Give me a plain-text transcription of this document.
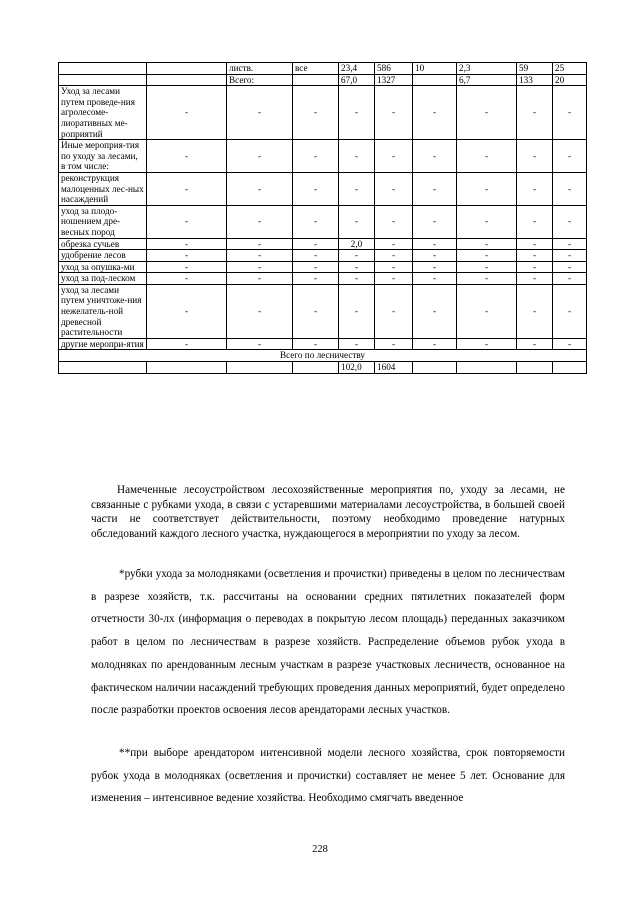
		листв.	все	23,4	586	10	2,3	59	25
		Всего:		67,0	1327		6,7	133	20
Уход за лесами путем проведе-ния агролесоме-лиоративных ме-роприятий	-	-	-	-	-	-	-	-	-
Иные мероприя-тия по уходу за лесами, в том числе:	-	-	-	-	-	-	-	-	-
реконструкция малоценных лес-ных насаждений	-	-	-	-	-	-	-	-	-
уход за плодо-ношением дре-весных пород	-	-	-	-	-	-	-	-	-
обрезка сучьев	-	-	-	2,0	-	-	-	-	-
удобрение лесов	-	-	-	-	-	-	-	-	-
уход за опушка-ми	-	-	-	-	-	-	-	-	-
уход за под-леском	-	-	-	-	-	-	-	-	-
уход за лесами путем уничтоже-ния нежелатель-ной древесной растительности	-	-	-	-	-	-	-	-	-
другие меропри-ятия	-	-	-	-	-	-	-	-	-
Всего по лесничеству									
				102,0	1604				

Намеченные лесоустройством лесохозяйственные мероприятия по, уходу за лесами, не связанные с рубками ухода, в связи с устаревшими материалами лесоустройства, в большей своей части не соответствует действительности, поэтому необходимо проведение натурных обследований каждого лесного участка, нуждающегося в мероприятии по уходу за лесом.

*рубки ухода за молодняками (осветления и прочистки) приведены в целом по лесничествам в разрезе хозяйств, т.к. рассчитаны на основании средних пятилетних показателей форм отчетности 30-лх (информация о переводах в покрытую лесом площадь) переданных заказчиком работ в целом по лесничествам в разрезе хозяйств. Распределение объемов рубок ухода в молодняках по арендованным лесным участкам в разрезе участковых лесничеств, основанное на фактическом наличии насаждений требующих проведения данных мероприятий, будет определено после разработки проектов освоения лесов арендаторами лесных участков.

**при выборе арендатором интенсивной модели лесного хозяйства, срок повторяемости рубок ухода в молодняках (осветления и прочистки) составляет не менее 5 лет. Основание для изменения – интенсивное ведение хозяйства. Необходимо смягчать введенное

228
